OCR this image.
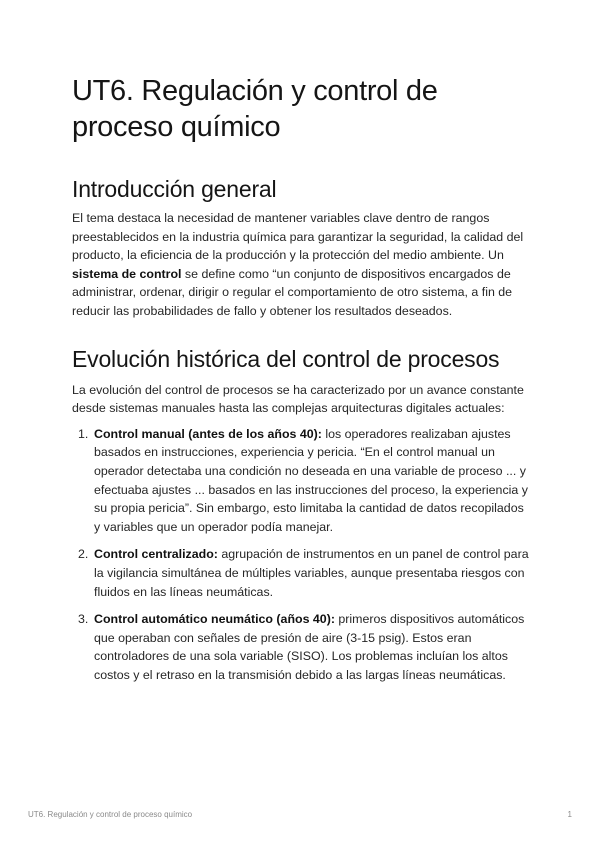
UT6. Regulación y control de proceso químico
Introducción general

El tema destaca la necesidad de mantener variables clave dentro de rangos preestablecidos en la industria química para garantizar la seguridad, la calidad del producto, la eficiencia de la producción y la protección del medio ambiente. Un sistema de control se define como “un conjunto de dispositivos encargados de administrar, ordenar, dirigir o regular el comportamiento de otro sistema, a fin de reducir las probabilidades de fallo y obtener los resultados deseados.

Evolución histórica del control de procesos

La evolución del control de procesos se ha caracterizado por un avance constante desde sistemas manuales hasta las complejas arquitecturas digitales actuales:

1. Control manual (antes de los años 40): los operadores realizaban ajustes basados en instrucciones, experiencia y pericia. “En el control manual un operador detectaba una condición no deseada en una variable de proceso ... y efectuaba ajustes ... basados en las instrucciones del proceso, la experiencia y su propia pericia”. Sin embargo, esto limitaba la cantidad de datos recopilados y variables que un operador podía manejar.
2. Control centralizado: agrupación de instrumentos en un panel de control para la vigilancia simultánea de múltiples variables, aunque presentaba riesgos con fluidos en las líneas neumáticas.
3. Control automático neumático (años 40): primeros dispositivos automáticos que operaban con señales de presión de aire (3-15 psig). Estos eran controladores de una sola variable (SISO). Los problemas incluían los altos costos y el retraso en la transmisión debido a las largas líneas neumáticas.
UT6. Regulación y control de proceso químico	1
